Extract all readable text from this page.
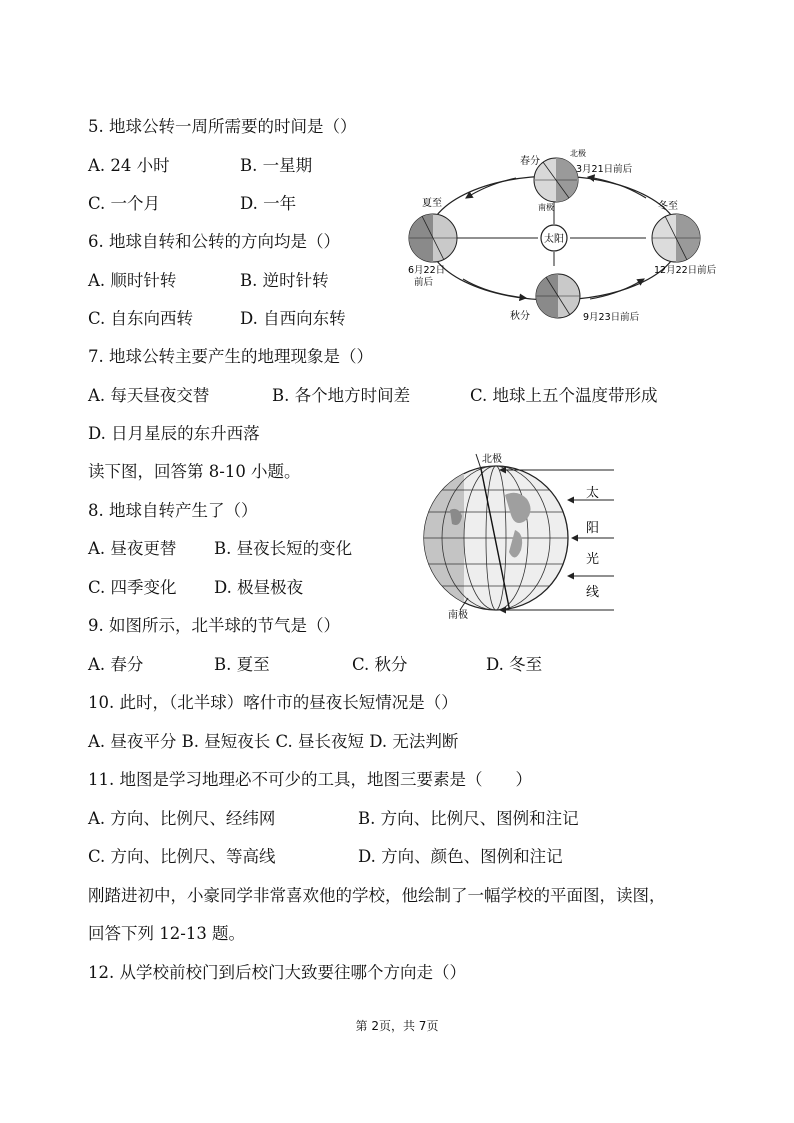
5. 地球公转一周所需要的时间是（）
A. 24 小时	B. 一星期
C. 一个月	D. 一年
6. 地球自转和公转的方向均是（）
A. 顺时针转	B. 逆时针转
C. 自东向西转	D. 自西向东转
太阳
春分
北极
3月21日前后
南极
夏至
6月22日
前后
冬至
12月22日前后
秋分	9月23日前后
7. 地球公转主要产生的地理现象是（）
A. 每天昼夜交替	B. 各个地方时间差	C. 地球上五个温度带形成
D. 日月星辰的东升西落
读下图，回答第 8-10 小题。
8. 地球自转产生了（）
A. 昼夜更替 B. 昼夜长短的变化
C. 四季变化 D. 极昼极夜
北极
南极
太
阳
光
线
9. 如图所示，北半球的节气是（）
A. 春分	B. 夏至	C. 秋分	D. 冬至
10. 此时，（北半球）喀什市的昼夜长短情况是（）
A. 昼夜平分 B. 昼短夜长 C. 昼长夜短 D. 无法判断
11. 地图是学习地理必不可少的工具，地图三要素是（　　）
A. 方向、比例尺、经纬网	B. 方向、比例尺、图例和注记
C. 方向、比例尺、等高线	D. 方向、颜色、图例和注记
刚踏进初中，小豪同学非常喜欢他的学校，他绘制了一幅学校的平面图，读图，
回答下列 12-13 题。
12. 从学校前校门到后校门大致要往哪个方向走（）
第 2页，共 7页
